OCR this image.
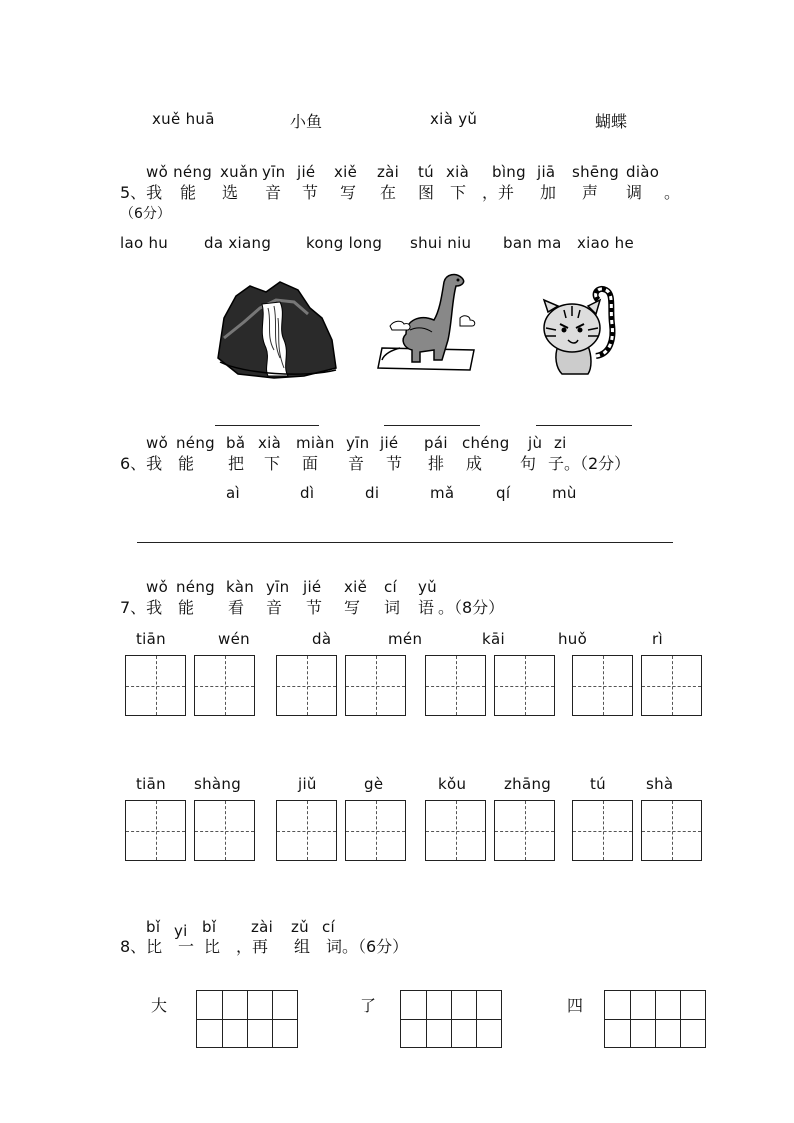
xuě huā	小鱼	xià yǔ	蝴蝶
wǒ néng xuǎn yīn jié xiě zài tú xià bìng jiā shēng diào
5、我 能 选 音 节 写 在 图 下 ，并 加 声 调 。
（6分）
lao hu da xiang kong long shui niu ban ma xiao he
wǒ néng bǎ xià miàn yīn jié pái chéng jù zi
6、我 能 把 下 面 音 节 排 成 句 子。（2分）
aì	dì	di	mǎ	qí	mù
wǒ néng kàn yīn jié xiě cí yǔ
7、我 能 看 音 节 写 词 语 。（8分）
tiān	wén	dà	mén	kāi	huǒ	rì
tiān shàng	jiǔ	gè	kǒu	zhāng	tú	shà
bǐ yi bǐ zài zǔ cí
8、比 一 比 ，再 组 词 。（6分）
大	了	四
